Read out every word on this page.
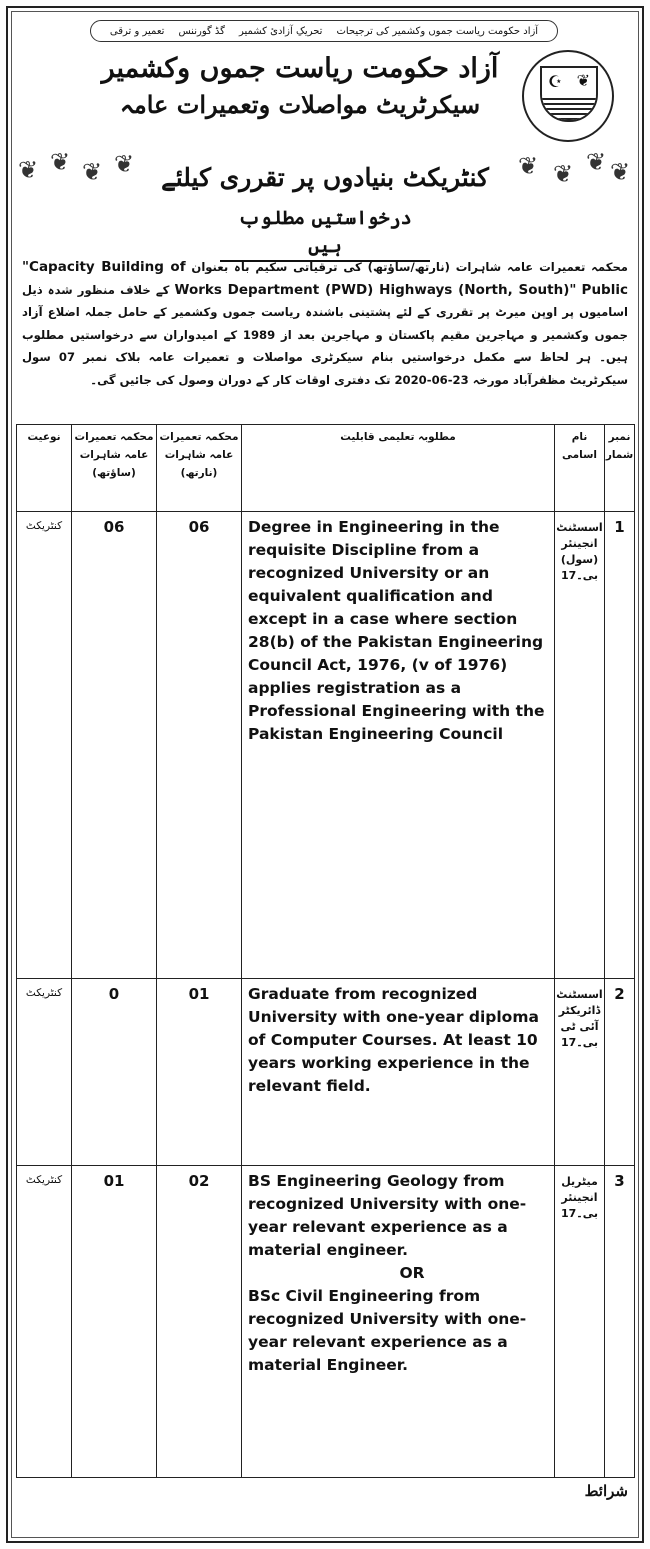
آزاد حکومت ریاست جموں وکشمیر کی ترجیحات
تحریکِ آزادیٔ کشمیر
گڈ گورننس
تعمیر و ترقی
آزاد حکومت ریاست جموں وکشمیر
سیکرٹریٹ مواصلات وتعمیرات عامہ
☪ ❦
❦ ❦ ❦ ❦	❦ ❦ ❦ ❦
کنٹریکٹ بنیادوں پر تقرری کیلئے
درخواستیں مطلوب ہیں
محکمہ تعمیرات عامہ شاہرات (نارتھ/ساؤتھ) کی ترقیاتی سکیم باہ بعنوان "Capacity Building of Public Works Department (PWD) Highways (North, South)" کے خلاف منظور شدہ ذیل اسامیوں پر اوپن میرٹ پر تقرری کے لئے پشتینی باشندہ ریاست جموں وکشمیر کے حامل جملہ اضلاع آزاد جموں وکشمیر و مہاجرین مقیم پاکستان و مہاجرین بعد از 1989 کے امیدواران سے درخواستیں مطلوب ہیں۔ ہر لحاظ سے مکمل درخواستیں بنام سیکرٹری مواصلات و تعمیرات عامہ بلاک نمبر 07 سول سیکرٹریٹ مظفرآباد مورخہ 23-06-2020 تک دفتری اوقات کار کے دوران وصول کی جائیں گی۔
نوعیت	محکمہ تعمیرات عامہ شاہرات (ساؤتھ)	محکمہ تعمیرات عامہ شاہرات (نارتھ)	مطلوبہ تعلیمی قابلیت	نام اسامی	نمبر شمار
کنٹریکٹ	06	06	Degree in Engineering in the requisite Discipline from a recognized University or an equivalent qualification and except in a case where section 28(b) of the Pakistan Engineering Council Act, 1976, (v of 1976) applies registration as a Professional Engineering with the Pakistan Engineering Council	اسسٹنٹ انجینئر (سول) بی۔17	1
کنٹریکٹ	0	01	Graduate from recognized University with one-year diploma of Computer Courses. At least 10 years working experience in the relevant field.	اسسٹنٹ ڈائریکٹر آئی ٹی بی۔17	2
کنٹریکٹ	01	02	BS Engineering Geology from recognized University with one-year relevant experience as a material engineer.
OR
BSc Civil Engineering from recognized University with one-year relevant experience as a material Engineer.	میٹریل انجینئر بی۔17	3
شرائط
